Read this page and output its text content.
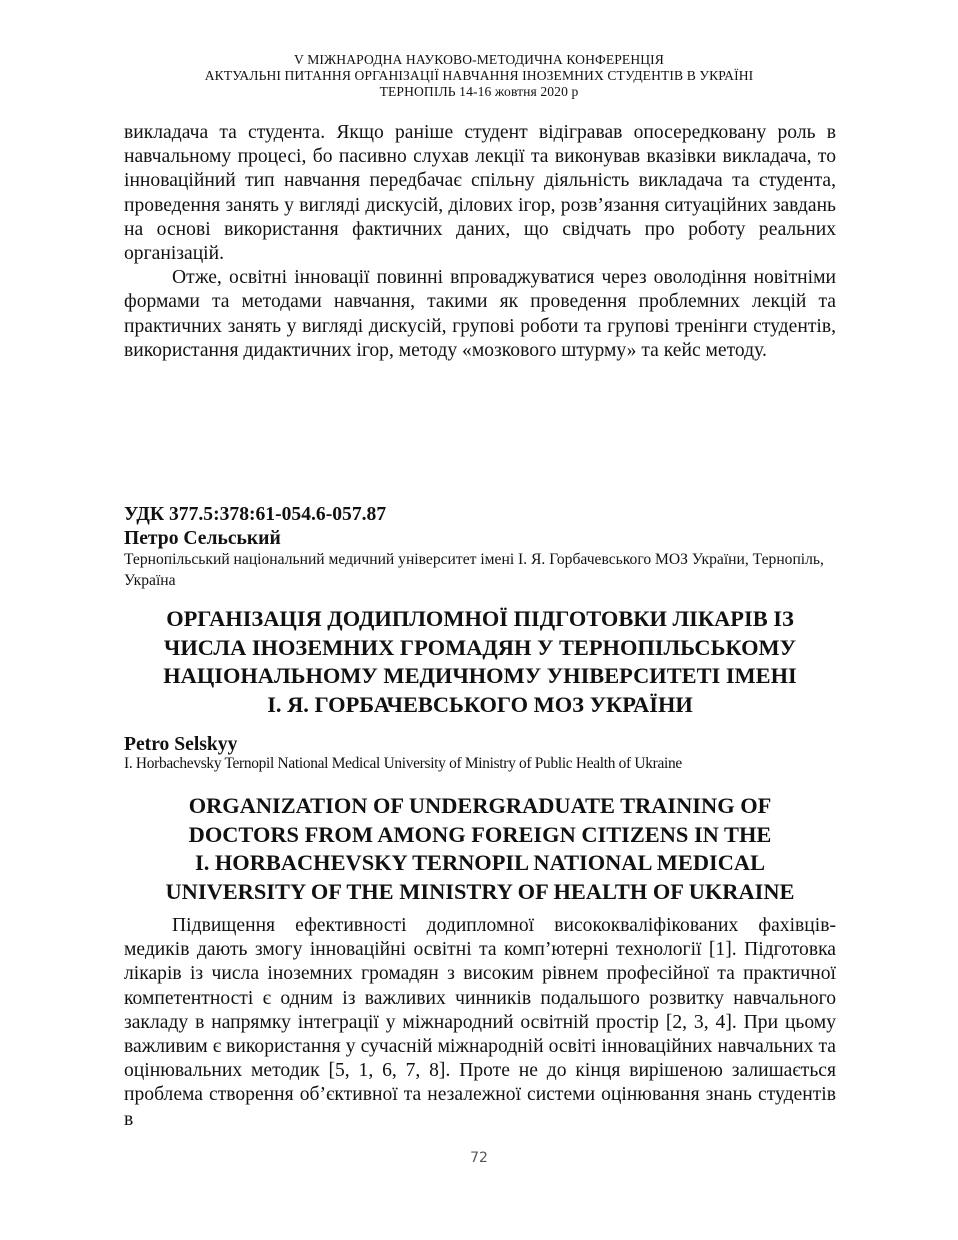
V МІЖНАРОДНА НАУКОВО-МЕТОДИЧНА КОНФЕРЕНЦІЯ
АКТУАЛЬНІ ПИТАННЯ ОРГАНІЗАЦІЇ НАВЧАННЯ ІНОЗЕМНИХ СТУДЕНТІВ В УКРАЇНІ
ТЕРНОПІЛЬ 14-16 жовтня 2020 р

викладача та студента. Якщо раніше студент відігравав опосередковану роль в навчальному процесі, бо пасивно слухав лекції та виконував вказівки викладача, то інноваційний тип навчання передбачає спільну діяльність викладача та студента, проведення занять у вигляді дискусій, ділових ігор, розв’язання ситуаційних завдань на основі використання фактичних даних, що свідчать про роботу реальних організацій.

Отже, освітні інновації повинні впроваджуватися через оволодіння новітніми формами та методами навчання, такими як проведення проблемних лекцій та практичних занять у вигляді дискусій, групові роботи та групові тренінги студентів, використання дидактичних ігор, методу «мозкового штурму» та кейс методу.

УДК 377.5:378:61-054.6-057.87
Петро Сельський
Тернопільський національний медичний університет імені І. Я. Горбачевського МОЗ України, Тернопіль, Україна
ОРГАНІЗАЦІЯ ДОДИПЛОМНОЇ ПІДГОТОВКИ ЛІКАРІВ ІЗ
ЧИСЛА ІНОЗЕМНИХ ГРОМАДЯН У ТЕРНОПІЛЬСЬКОМУ
НАЦІОНАЛЬНОМУ МЕДИЧНОМУ УНІВЕРСИТЕТІ ІМЕНІ
І. Я. ГОРБАЧЕВСЬКОГО МОЗ УКРАЇНИ
Petro Selskyy
I. Horbachevsky Ternopil National Medical University of Ministry of Public Health of Ukraine
ORGANIZATION OF UNDERGRADUATE TRAINING OF
DOCTORS FROM AMONG FOREIGN CITIZENS IN THE
I. HORBACHEVSKY TERNOPIL NATIONAL MEDICAL
UNIVERSITY OF THE MINISTRY OF HEALTH OF UKRAINE

Підвищення ефективності додипломної висококваліфікованих фахівців-медиків дають змогу інноваційні освітні та комп’ютерні технології [1]. Підготовка лікарів із числа іноземних громадян з високим рівнем професійної та практичної компетентності є одним із важливих чинників подальшого розвитку навчального закладу в напрямку інтеграції у міжнародний освітній простір [2, 3, 4]. При цьому важливим є використання у сучасній міжнародній освіті інноваційних навчальних та оцінювальних методик [5, 1, 6, 7, 8]. Проте не до кінця вирішеною залишається проблема створення об’єктивної та незалежної системи оцінювання знань студентів в

72
